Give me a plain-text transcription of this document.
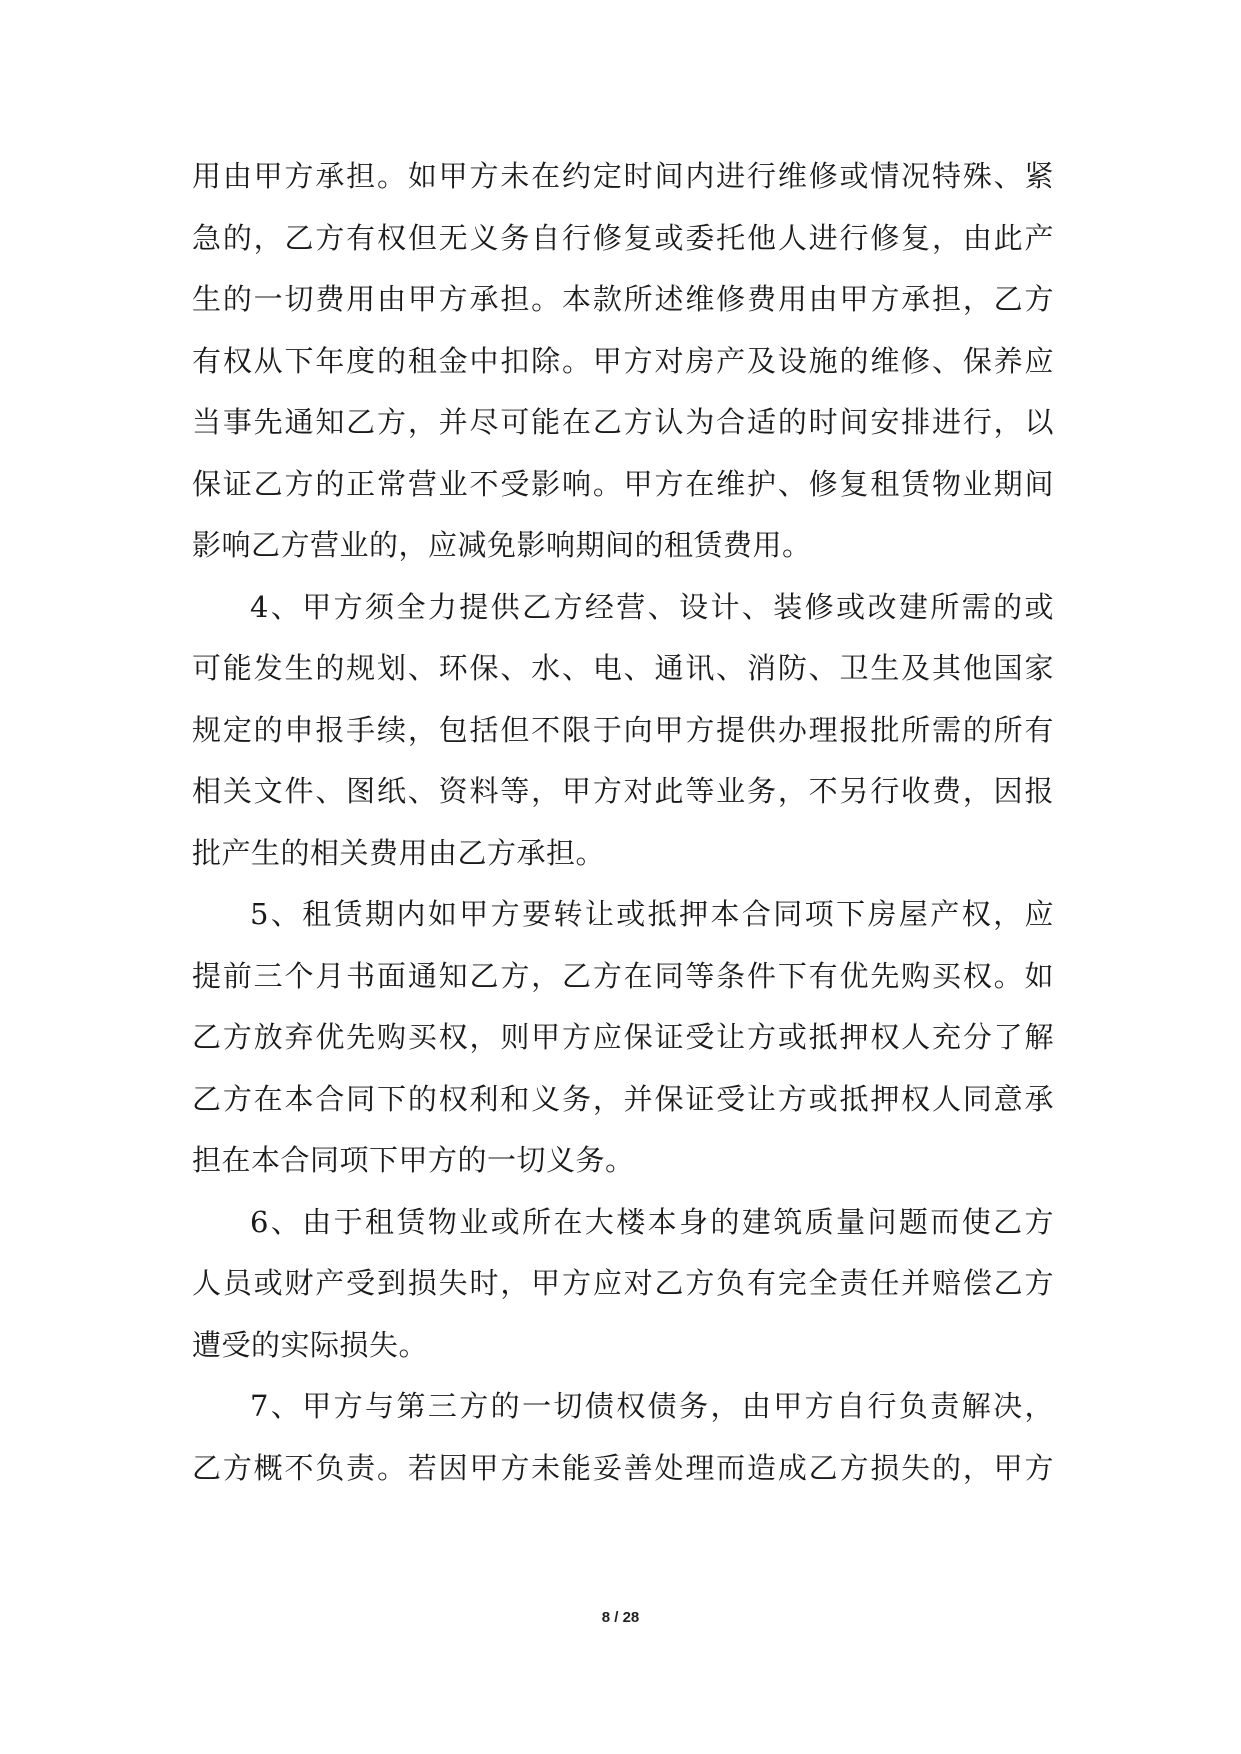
用由甲方承担。如甲方未在约定时间内进行维修或情况特殊、紧
急的，乙方有权但无义务自行修复或委托他人进行修复，由此产
生的一切费用由甲方承担。本款所述维修费用由甲方承担，乙方
有权从下年度的租金中扣除。甲方对房产及设施的维修、保养应
当事先通知乙方，并尽可能在乙方认为合适的时间安排进行，以
保证乙方的正常营业不受影响。甲方在维护、修复租赁物业期间
影响乙方营业的，应减免影响期间的租赁费用。
4、甲方须全力提供乙方经营、设计、装修或改建所需的或
可能发生的规划、环保、水、电、通讯、消防、卫生及其他国家
规定的申报手续，包括但不限于向甲方提供办理报批所需的所有
相关文件、图纸、资料等，甲方对此等业务，不另行收费，因报
批产生的相关费用由乙方承担。
5、租赁期内如甲方要转让或抵押本合同项下房屋产权，应
提前三个月书面通知乙方，乙方在同等条件下有优先购买权。如
乙方放弃优先购买权，则甲方应保证受让方或抵押权人充分了解
乙方在本合同下的权利和义务，并保证受让方或抵押权人同意承
担在本合同项下甲方的一切义务。
6、由于租赁物业或所在大楼本身的建筑质量问题而使乙方
人员或财产受到损失时，甲方应对乙方负有完全责任并赔偿乙方
遭受的实际损失。
7、甲方与第三方的一切债权债务，由甲方自行负责解决，
乙方概不负责。若因甲方未能妥善处理而造成乙方损失的，甲方
8 / 28
